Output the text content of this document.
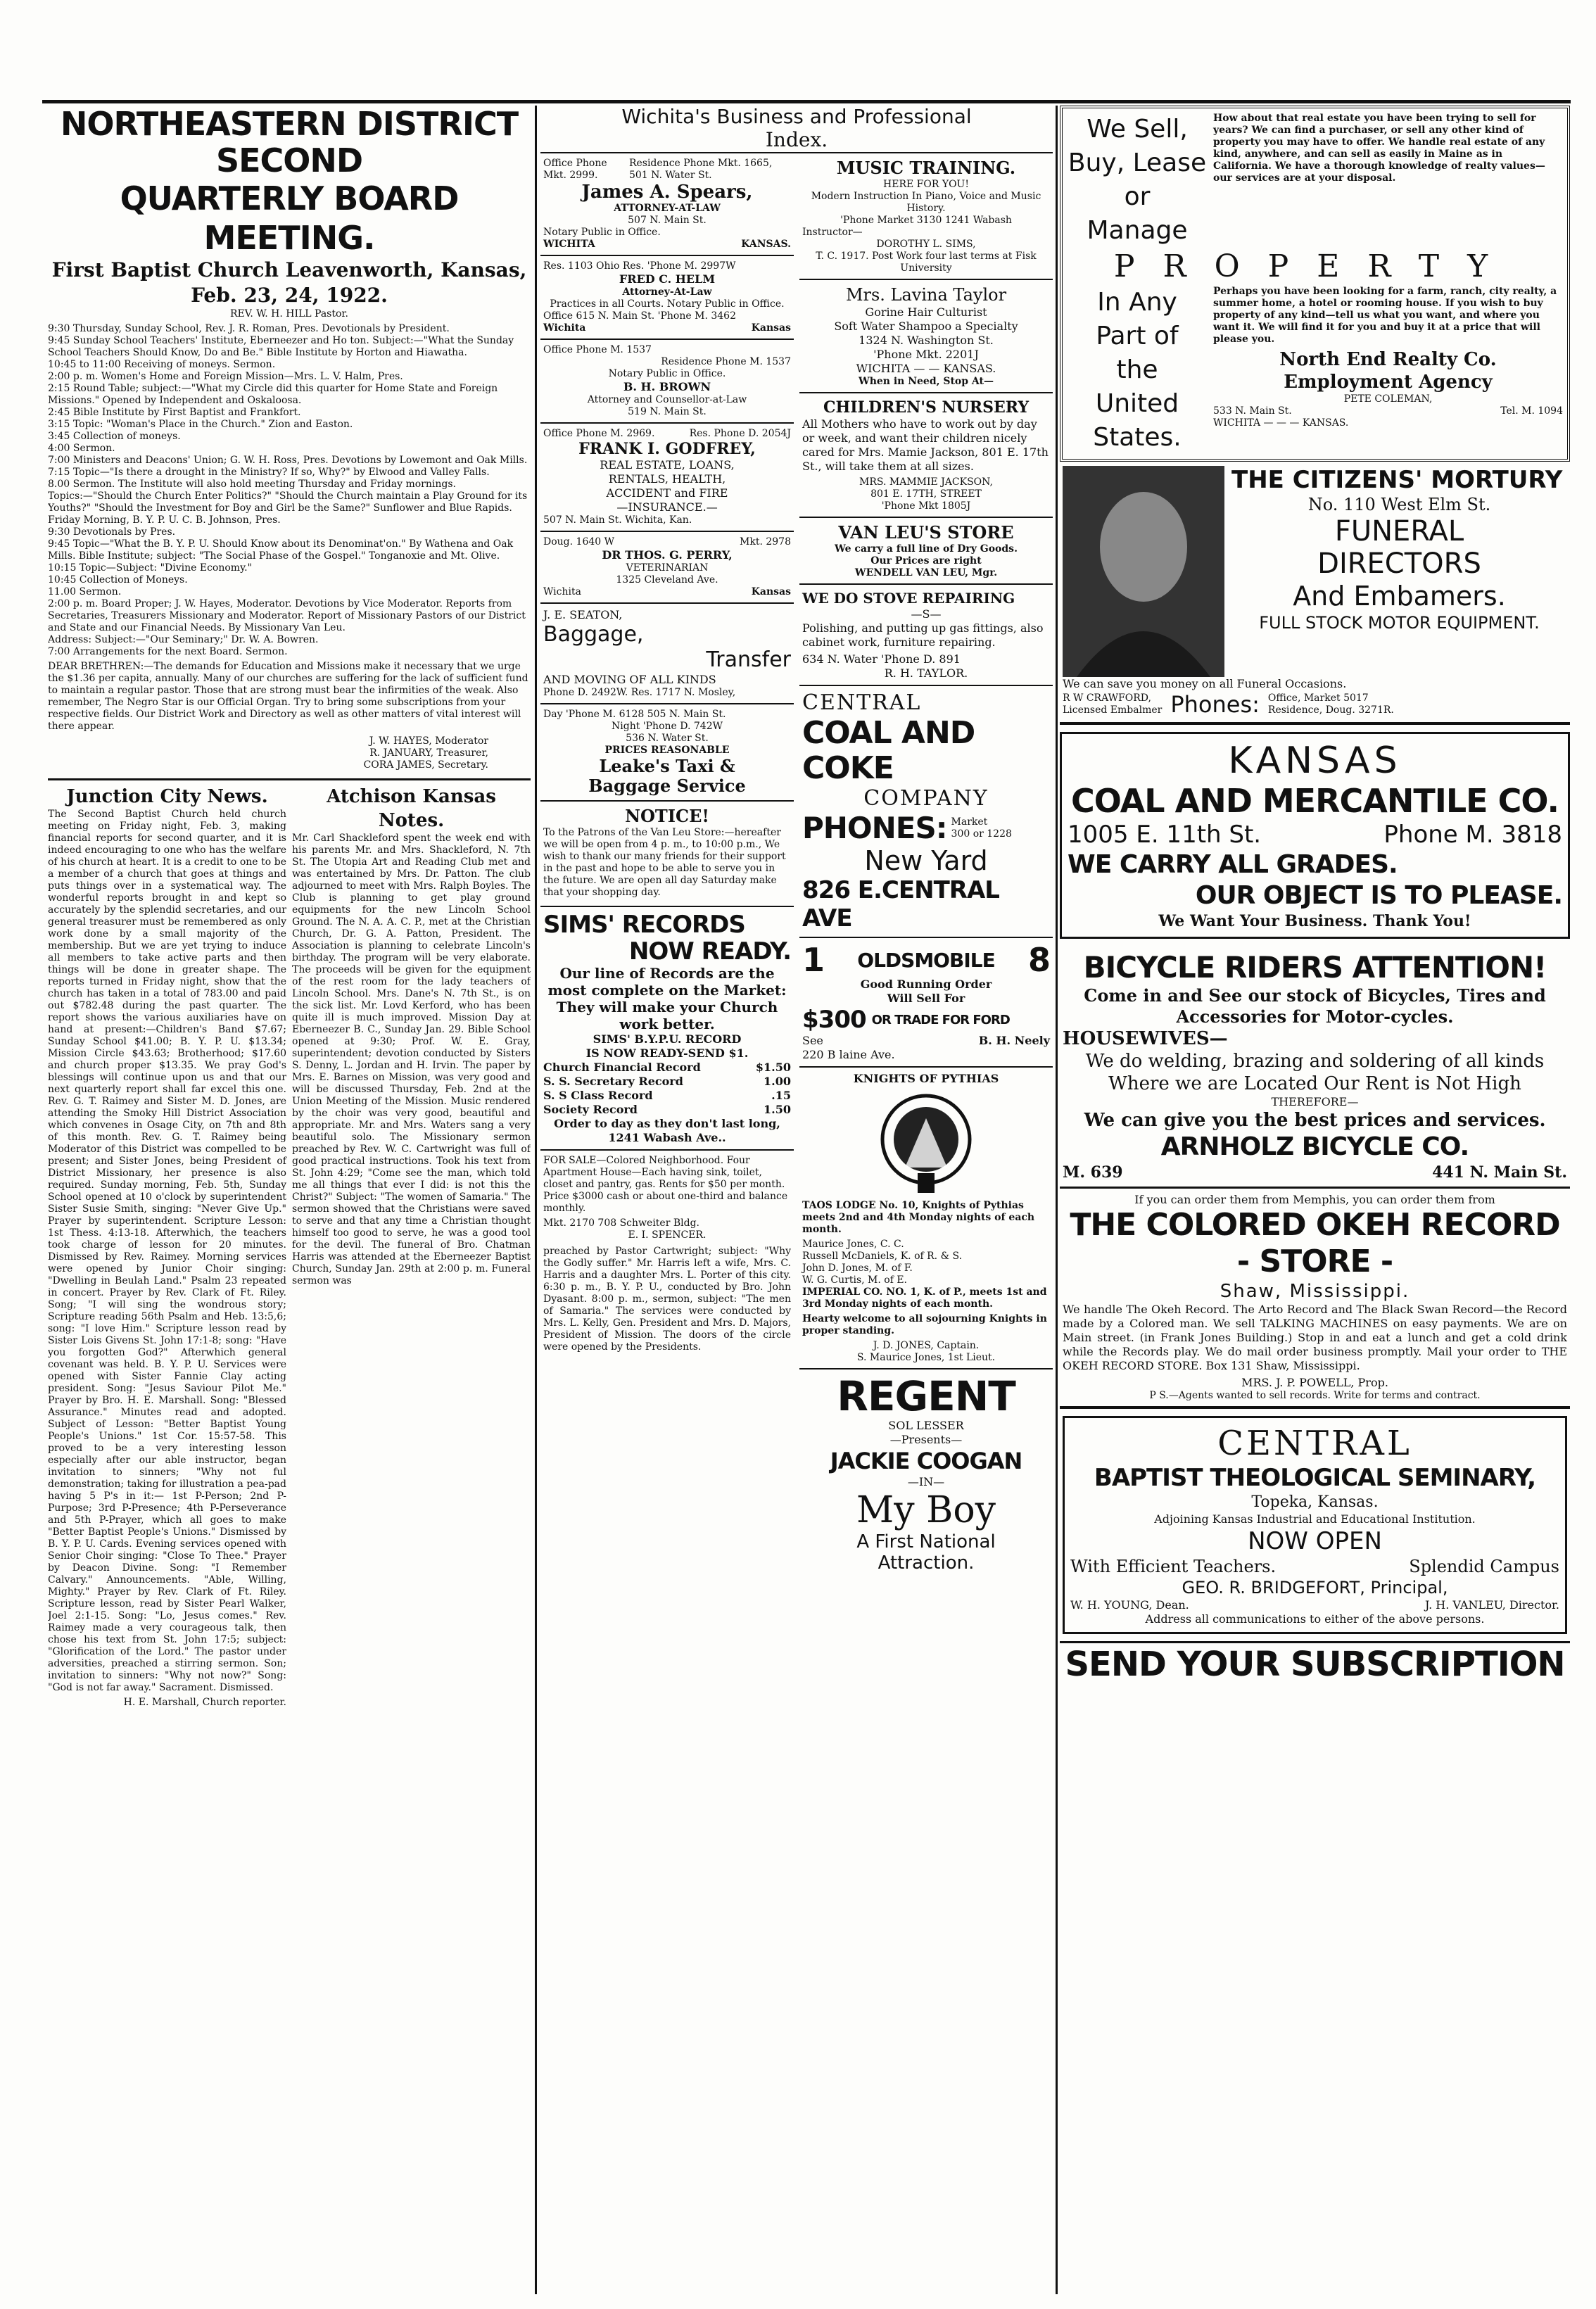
NORTHEASTERN DISTRICT SECOND
QUARTERLY BOARD MEETING.
First Baptist Church Leavenworth, Kansas,
Feb. 23, 24, 1922.
REV. W. H. HILL Pastor.
9:30 Thursday, Sunday School, Rev. J. R. Roman, Pres. Devotionals by President.
9:45 Sunday School Teachers' Institute, Eberneezer and Ho ton. Subject:—"What the Sunday School Teachers Should Know, Do and Be." Bible Institute by Horton and Hiawatha.
10:45 to 11:00 Receiving of moneys. Sermon.
2:00 p. m. Women's Home and Foreign Mission—Mrs. L. V. Halm, Pres.
2:15 Round Table; subject:—"What my Circle did this quarter for Home State and Foreign Missions." Opened by Independent and Oskaloosa.
2:45 Bible Institute by First Baptist and Frankfort.
3:15 Topic: "Woman's Place in the Church." Zion and Easton.
3:45 Collection of moneys.
4:00 Sermon.
7:00 Ministers and Deacons' Union; G. W. H. Ross, Pres. Devotions by Lowemont and Oak Mills.
7:15 Topic—"Is there a drought in the Ministry? If so, Why?" by Elwood and Valley Falls.
8.00 Sermon. The Institute will also hold meeting Thursday and Friday mornings.
Topics:—"Should the Church Enter Politics?" "Should the Church maintain a Play Ground for its Youths?" "Should the Investment for Boy and Girl be the Same?" Sunflower and Blue Rapids.
Friday Morning, B. Y. P. U. C. B. Johnson, Pres.
9:30 Devotionals by Pres.
9:45 Topic—"What the B. Y. P. U. Should Know about its Denominat'on." By Wathena and Oak Mills. Bible Institute; subject: "The Social Phase of the Gospel." Tonganoxie and Mt. Olive.
10:15 Topic—Subject: "Divine Economy."
10:45 Collection of Moneys.
11.00 Sermon.
2:00 p. m. Board Proper; J. W. Hayes, Moderator. Devotions by Vice Moderator. Reports from Secretaries, Treasurers Missionary and Moderator. Report of Missionary Pastors of our District and State and our Financial Needs. By Missionary Van Leu.
Address: Subject:—"Our Seminary;" Dr. W. A. Bowren.
7:00 Arrangements for the next Board. Sermon.

DEAR BRETHREN:—The demands for Education and Missions make it necessary that we urge the $1.36 per capita, annually. Many of our churches are suffering for the lack of sufficient fund to maintain a regular pastor. Those that are strong must bear the infirmities of the weak. Also remember, The Negro Star is our Official Organ. Try to bring some subscriptions from your respective fields. Our District Work and Directory as well as other matters of vital interest will there appear.

J. W. HAYES, Moderator
R. JANUARY, Treasurer,
CORA JAMES, Secretary.
Junction City News.

The Second Baptist Church held church meeting on Friday night, Feb. 3, making financial reports for second quarter, and it is indeed encouraging to one who has the welfare of his church at heart. It is a credit to one to be a member of a church that goes at things and puts things over in a systematical way. The wonderful reports brought in and kept so accurately by the splendid secretaries, and our general treasurer must be remembered as only work done by a small majority of the membership. But we are yet trying to induce all members to take active parts and then things will be done in greater shape. The reports turned in Friday night, show that the church has taken in a total of 783.00 and paid out $782.48 during the past quarter. The report shows the various auxiliaries have on hand at present:—Children's Band $7.67; Sunday School $41.00; B. Y. P. U. $13.34; Mission Circle $43.63; Brotherhood; $17.60 and church proper $13.35. We pray God's blessings will continue upon us and that our next quarterly report shall far excel this one. Rev. G. T. Raimey and Sister M. D. Jones, are attending the Smoky Hill District Association which convenes in Osage City, on 7th and 8th of this month. Rev. G. T. Raimey being Moderator of this District was compelled to be present; and Sister Jones, being President of District Missionary, her presence is also required. Sunday morning, Feb. 5th, Sunday School opened at 10 o'clock by superintendent Sister Susie Smith, singing: "Never Give Up." Prayer by superintendent. Scripture Lesson: 1st Thess. 4:13-18. Afterwhich, the teachers took charge of lesson for 20 minutes. Dismissed by Rev. Raimey. Morning services were opened by Junior Choir singing: "Dwelling in Beulah Land." Psalm 23 repeated in concert. Prayer by Rev. Clark of Ft. Riley. Song; "I will sing the wondrous story; Scripture reading 56th Psalm and Heb. 13:5,6; song: "I love Him." Scripture lesson read by Sister Lois Givens St. John 17:1-8; song: "Have you forgotten God?" Afterwhich general covenant was held. B. Y. P. U. Services were opened with Sister Fannie Clay acting president. Song: "Jesus Saviour Pilot Me." Prayer by Bro. H. E. Marshall. Song: "Blessed Assurance." Minutes read and adopted. Subject of Lesson: "Better Baptist Young People's Unions." 1st Cor. 15:57-58. This proved to be a very interesting lesson especially after our able instructor, began invitation to sinners; "Why not ful demonstration; taking for illustration a pea-pad having 5 P's in it:— 1st P-Person; 2nd P-Purpose; 3rd P-Presence; 4th P-Perseverance and 5th P-Prayer, which all goes to make "Better Baptist People's Unions." Dismissed by B. Y. P. U. Cards. Evening services opened with Senior Choir singing: "Close To Thee." Prayer by Deacon Divine. Song: "I Remember Calvary." Announcements. "Able, Willing, Mighty." Prayer by Rev. Clark of Ft. Riley. Scripture lesson, read by Sister Pearl Walker, Joel 2:1-15. Song: "Lo, Jesus comes." Rev. Raimey made a very courageous talk, then chose his text from St. John 17:5; subject: "Glorification of the Lord." The pastor under adversities, preached a stirring sermon. Son; invitation to sinners: "Why not now?" Song: "God is not far away." Sacrament. Dismissed.

H. E. Marshall, Church reporter.

Atchison Kansas Notes.

Mr. Carl Shackleford spent the week end with his parents Mr. and Mrs. Shackleford, N. 7th St. The Utopia Art and Reading Club met and was entertained by Mrs. Dr. Patton. The club adjourned to meet with Mrs. Ralph Boyles. The Club is planning to get play ground equipments for the new Lincoln School Ground. The N. A. A. C. P., met at the Christian Church, Dr. G. A. Patton, President. The Association is planning to celebrate Lincoln's birthday. The program will be very elaborate. The proceeds will be given for the equipment of the rest room for the lady teachers of Lincoln School. Mrs. Dane's N. 7th St., is on the sick list. Mr. Lovd Kerford, who has been quite ill is much improved. Mission Day at Eberneezer B. C., Sunday Jan. 29. Bible School opened at 9:30; Prof. W. E. Gray, superintendent; devotion conducted by Sisters S. Denny, L. Jordan and H. Irvin. The paper by Mrs. E. Barnes on Mission, was very good and will be discussed Thursday, Feb. 2nd at the Union Meeting of the Mission. Music rendered by the choir was very good, beautiful and appropriate. Mr. and Mrs. Waters sang a very beautiful solo. The Missionary sermon preached by Rev. W. C. Cartwright was full of good practical instructions. Took his text from St. John 4:29; "Come see the man, which told me all things that ever I did: is not this the Christ?" Subject: "The women of Samaria." The sermon showed that the Christians were saved to serve and that any time a Christian thought himself too good to serve, he was a good tool for the devil. The funeral of Bro. Chatman Harris was attended at the Eberneezer Baptist Church, Sunday Jan. 29th at 2:00 p. m. Funeral sermon was

Wichita's Business and Professional
Index.
Office Phone Mkt. 2999.
Residence Phone Mkt. 1665, 501 N. Water St.
James A. Spears,
ATTORNEY-AT-LAW
507 N. Main St.
Notary Public in Office.
WICHITA	KANSAS.
Res. 1103 Ohio Res. 'Phone M. 2997W
FRED C. HELM
Attorney-At-Law
Practices in all Courts. Notary Public in Office.
Office 615 N. Main St. 'Phone M. 3462
Wichita	Kansas
Office Phone M. 1537
Residence Phone M. 1537
Notary Public in Office.
B. H. BROWN
Attorney and Counsellor-at-Law
519 N. Main St.
Office Phone M. 2969.	Res. Phone D. 2054J
FRANK I. GODFREY,
REAL ESTATE, LOANS,
RENTALS, HEALTH,
ACCIDENT and FIRE
—INSURANCE.—
507 N. Main St. Wichita, Kan.
Doug. 1640 W	Mkt. 2978
DR THOS. G. PERRY,
VETERINARIAN
1325 Cleveland Ave.
Wichita	Kansas
J. E. SEATON,
Baggage,
Transfer
AND MOVING OF ALL KINDS
Phone D. 2492W. Res. 1717 N. Mosley,
Day 'Phone M. 6128 505 N. Main St.
Night 'Phone D. 742W
536 N. Water St.
PRICES REASONABLE
Leake's Taxi &
Baggage Service
NOTICE!

To the Patrons of the Van Leu Store:—hereafter we will be open from 4 p. m., to 10:00 p.m., We wish to thank our many friends for their support in the past and hope to be able to serve you in the future. We are open all day Saturday make that your shopping day.

SIMS' RECORDS
NOW READY.
Our line of Records are the most complete on the Market:
They will make your Church work better.
SIMS' B.Y.P.U. RECORD
IS NOW READY-SEND $1.
Church Financial Record	$1.50
S. S. Secretary Record	1.00
S. S Class Record	.15
Society Record	1.50
Order to day as they don't last long, 1241 Wabash Ave..

FOR SALE—Colored Neighborhood. Four Apartment House—Each having sink, toilet, closet and pantry, gas. Rents for $50 per month. Price $3000 cash or about one-third and balance monthly.

Mkt. 2170 708 Schweiter Bldg.
E. I. SPENCER.

preached by Pastor Cartwright; subject: "Why the Godly suffer." Mr. Harris left a wife, Mrs. C. Harris and a daughter Mrs. L. Porter of this city. 6:30 p. m., B. Y. P. U., conducted by Bro. John Dyasant. 8:00 p. m., sermon, subject: "The men of Samaria." The services were conducted by Mrs. L. Kelly, Gen. President and Mrs. D. Majors, President of Mission. The doors of the circle were opened by the Presidents.

MUSIC TRAINING.
HERE FOR YOU!
Modern Instruction In Piano, Voice and Music History.
'Phone Market 3130 1241 Wabash
Instructor—
DOROTHY L. SIMS,
T. C. 1917. Post Work four last terms at Fisk University
Mrs. Lavina Taylor
Gorine Hair Culturist
Soft Water Shampoo a Specialty
1324 N. Washington St.
'Phone Mkt. 2201J
WICHITA — — KANSAS.
When in Need, Stop At—
CHILDREN'S NURSERY

All Mothers who have to work out by day or week, and want their children nicely cared for Mrs. Mamie Jackson, 801 E. 17th St., will take them at all sizes.

MRS. MAMMIE JACKSON,
801 E. 17TH, STREET
'Phone Mkt 1805J
VAN LEU'S STORE
We carry a full line of Dry Goods.
Our Prices are right
WENDELL VAN LEU, Mgr.
WE DO STOVE REPAIRING
—S—

Polishing, and putting up gas fittings, also cabinet work, furniture repairing.

634 N. Water 'Phone D. 891
R. H. TAYLOR.
CENTRAL
COAL AND COKE
COMPANY
PHONES: Market
300 or 1228
New Yard
826 E.CENTRAL AVE
1 OLDSMOBILE 8
Good Running Order
Will Sell For
$300 OR TRADE FOR FORD
See	B. H. Neely
220 B laine Ave.
KNIGHTS OF PYTHIAS

TAOS LODGE No. 10, Knights of Pythias meets 2nd and 4th Monday nights of each month.

Maurice Jones, C. C.
Russell McDaniels, K. of R. & S.
John D. Jones, M. of F.
W. G. Curtis, M. of E.

IMPERIAL CO. NO. 1, K. of P., meets 1st and 3rd Monday nights of each month.

Hearty welcome to all sojourning Knights in proper standing.

J. D. JONES, Captain.
S. Maurice Jones, 1st Lieut.
REGENT
SOL LESSER
—Presents—
JACKIE COOGAN
—IN—
My Boy
A First National
Attraction.
We Sell,
Buy, Lease
or
Manage

How about that real estate you have been trying to sell for years? We can find a purchaser, or sell any other kind of property you may have to offer. We handle real estate of any kind, anywhere, and can sell as easily in Maine as in California. We have a thorough knowledge of realty values—our services are at your disposal.

PROPERTY
In Any
Part of
the
United
States.

Perhaps you have been looking for a farm, ranch, city realty, a summer home, a hotel or rooming house. If you wish to buy property of any kind—tell us what you want, and where you want it. We will find it for you and buy it at a price that will please you.

North End Realty Co.
Employment Agency
PETE COLEMAN,
533 N. Main St.	Tel. M. 1094
WICHITA — — — KANSAS.
THE CITIZENS' MORTURY
No. 110 West Elm St.
FUNERAL
DIRECTORS
And Embamers.
FULL STOCK MOTOR EQUIPMENT.
We can save you money on all Funeral Occasions.
R W CRAWFORD,
Licensed Embalmer Phones: Office, Market 5017
Residence, Doug. 3271R.
KANSAS
COAL AND MERCANTILE CO.
1005 E. 11th St.	Phone M. 3818
WE CARRY ALL GRADES.
OUR OBJECT IS TO PLEASE.
We Want Your Business. Thank You!
BICYCLE RIDERS ATTENTION!
Come in and See our stock of Bicycles, Tires and Accessories for Motor-cycles.
HOUSEWIVES—
We do welding, brazing and soldering of all kinds
Where we are Located Our Rent is Not High
THEREFORE—
We can give you the best prices and services.
ARNHOLZ BICYCLE CO.
M. 639	441 N. Main St.
If you can order them from Memphis, you can order them from
THE COLORED OKEH RECORD
- STORE -
Shaw, Mississippi.

We handle The Okeh Record. The Arto Record and The Black Swan Record—the Record made by a Colored man. We sell TALKING MACHINES on easy payments. We are on Main street. (in Frank Jones Building.) Stop in and eat a lunch and get a cold drink while the Records play. We do mail order business promptly. Mail your order to THE OKEH RECORD STORE. Box 131 Shaw, Mississippi.

MRS. J. P. POWELL, Prop.
P S.—Agents wanted to sell records. Write for terms and contract.
CENTRAL
BAPTIST THEOLOGICAL SEMINARY,
Topeka, Kansas.
Adjoining Kansas Industrial and Educational Institution.
NOW OPEN
With Efficient Teachers.	Splendid Campus
GEO. R. BRIDGEFORT, Principal,
W. H. YOUNG, Dean.	J. H. VANLEU, Director.
Address all communications to either of the above persons.
SEND YOUR SUBSCRIPTION
